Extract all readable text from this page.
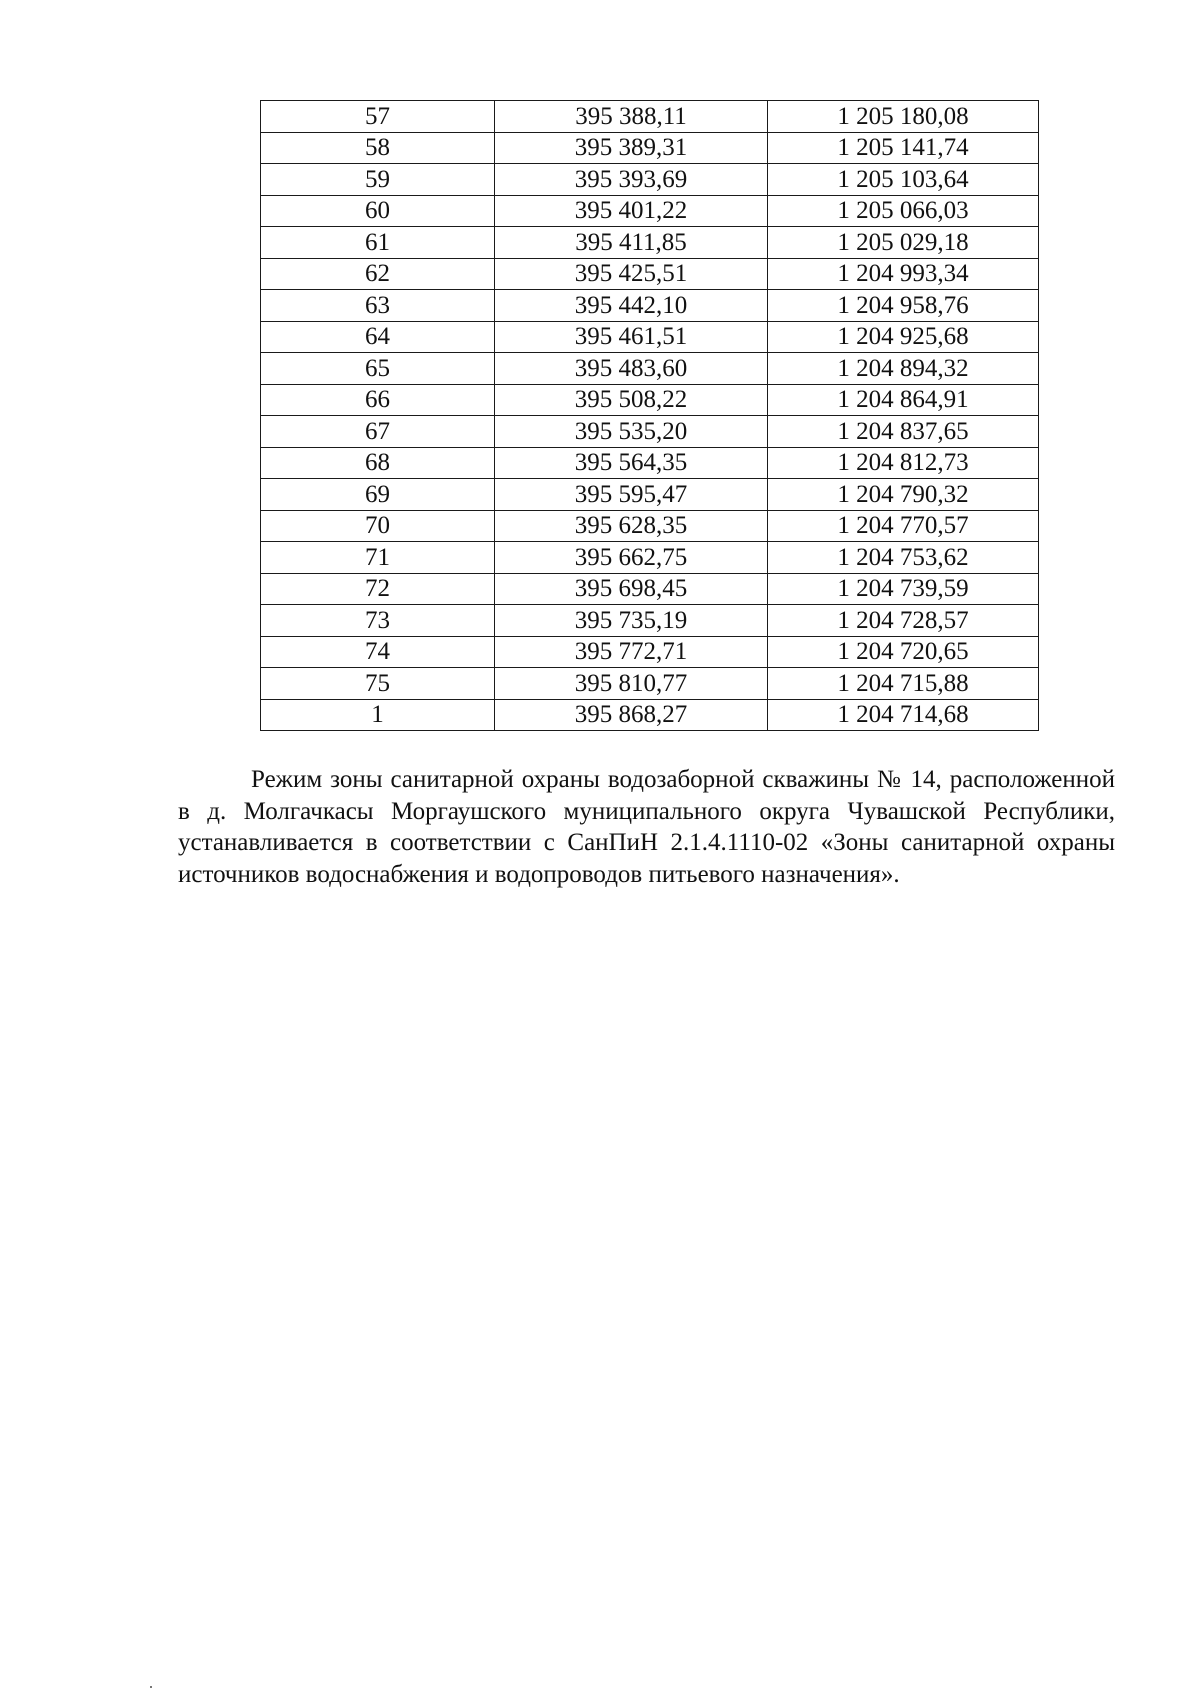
57	395 388,11	1 205 180,08
58	395 389,31	1 205 141,74
59	395 393,69	1 205 103,64
60	395 401,22	1 205 066,03
61	395 411,85	1 205 029,18
62	395 425,51	1 204 993,34
63	395 442,10	1 204 958,76
64	395 461,51	1 204 925,68
65	395 483,60	1 204 894,32
66	395 508,22	1 204 864,91
67	395 535,20	1 204 837,65
68	395 564,35	1 204 812,73
69	395 595,47	1 204 790,32
70	395 628,35	1 204 770,57
71	395 662,75	1 204 753,62
72	395 698,45	1 204 739,59
73	395 735,19	1 204 728,57
74	395 772,71	1 204 720,65
75	395 810,77	1 204 715,88
1	395 868,27	1 204 714,68

Режим зоны санитарной охраны водозаборной скважины № 14, расположенной в д. Молгачкасы Моргаушского муниципального округа Чувашской Республики, устанавливается в соответствии с СанПиН 2.1.4.1110-02 «Зоны санитарной охраны источников водоснабжения и водопроводов питьевого назначения».
